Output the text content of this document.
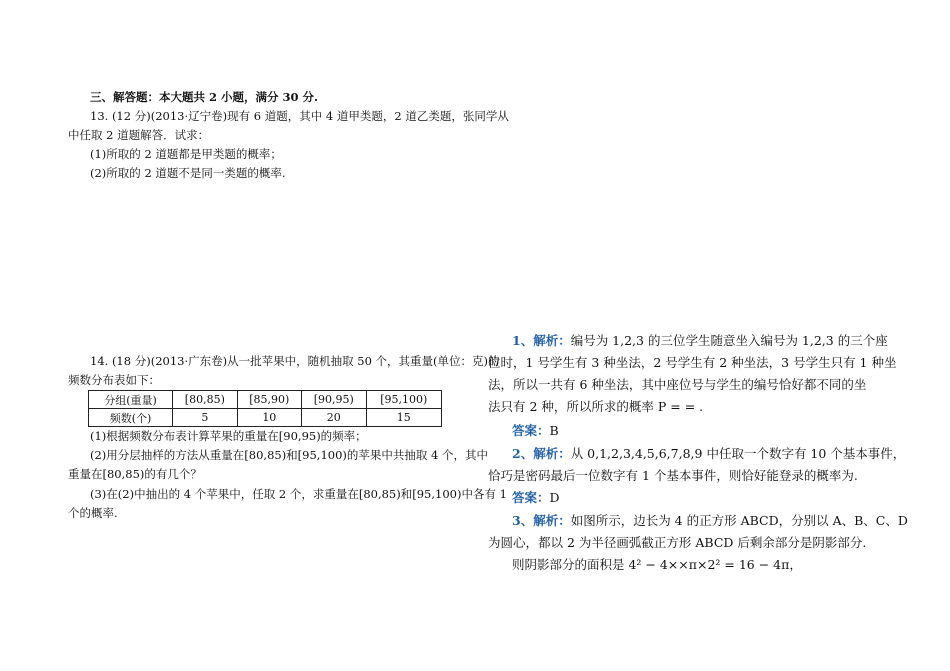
三、解答题：本大题共 2 小题，满分 30 分.
13. (12 分)(2013·辽宁卷)现有 6 道题，其中 4 道甲类题，2 道乙类题，张同学从
中任取 2 道题解答．试求：
(1)所取的 2 道题都是甲类题的概率；
(2)所取的 2 道题不是同一类题的概率.
14. (18 分)(2013·广东卷)从一批苹果中，随机抽取 50 个，其重量(单位：克)的
频数分布表如下：
分组(重量)	[80,85)	[85,90)	[90,95)	[95,100)
频数(个)	5	10	20	15
(1)根据频数分布表计算苹果的重量在[90,95)的频率；
(2)用分层抽样的方法从重量在[80,85)和[95,100)的苹果中共抽取 4 个，其中
重量在[80,85)的有几个？
(3)在(2)中抽出的 4 个苹果中，任取 2 个，求重量在[80,85)和[95,100)中各有 1
个的概率.
1、解析：编号为 1,2,3 的三位学生随意坐入编号为 1,2,3 的三个座
位时，1 号学生有 3 种坐法，2 号学生有 2 种坐法，3 号学生只有 1 种坐
法，所以一共有 6 种坐法，其中座位号与学生的编号恰好都不同的坐
法只有 2 种，所以所求的概率 P = = .
答案：B
2、解析：从 0,1,2,3,4,5,6,7,8,9 中任取一个数字有 10 个基本事件，
恰巧是密码最后一位数字有 1 个基本事件，则恰好能登录的概率为.
答案：D
3、解析：如图所示，边长为 4 的正方形 ABCD，分别以 A、B、C、D
为圆心，都以 2 为半径画弧截正方形 ABCD 后剩余部分是阴影部分.
则阴影部分的面积是 4² − 4××π×2² = 16 − 4π，
